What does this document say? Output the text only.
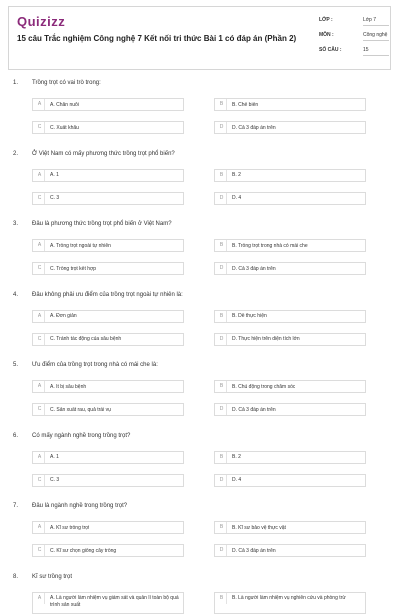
Quizizz
15 câu Trắc nghiệm Công nghệ 7 Kết nối tri thức Bài 1 có đáp án (Phần 2)
LỚP :	Lớp 7
MÔN :	Công nghệ
SỐ CÂU :	15
1. Trồng trọt có vai trò trong:
A	A. Chăn nuôi	B	B. Chế biến
C	C. Xuất khẩu	D	D. Cả 3 đáp án trên
2. Ở Việt Nam có mấy phương thức trồng trọt phổ biến?
A	A. 1	B	B. 2
C	C. 3	D	D. 4
3. Đâu là phương thức trồng trọt phổ biến ở Việt Nam?
A	A. Trồng trọt ngoài tự nhiên	B	B. Trồng trọt trong nhà có mái che
C	C. Trồng trọt kết hợp	D	D. Cả 3 đáp án trên
4. Đâu không phải ưu điểm của trồng trọt ngoài tự nhiên là:
A	A. Đơn giản	B	B. Dễ thực hiện
C	C. Tránh tác động của sâu bệnh	D	D. Thực hiện trên diện tích lớn
5. Ưu điểm của trồng trọt trong nhà có mái che là:
A	A. Ít bị sâu bệnh	B	B. Chủ động trong chăm sóc
C	C. Sản xuất rau, quả trái vụ	D	D. Cả 3 đáp án trên
6. Có mấy ngành nghề trong trồng trọt?
A	A. 1	B	B. 2
C	C. 3	D	D. 4
7. Đâu là ngành nghề trong trồng trọt?
A	A. Kĩ sư trồng trọt	B	B. Kĩ sư bảo vệ thực vật
C	C. Kĩ sư chọn giống cây trồng	D	D. Cả 3 đáp án trên
8. Kĩ sư trồng trọt
A	A. Là người làm nhiệm vụ giám sát và quản lí toàn bộ quá trình sản xuất
B	B. Là người làm nhiệm vụ nghiên cứu và phòng trừ
